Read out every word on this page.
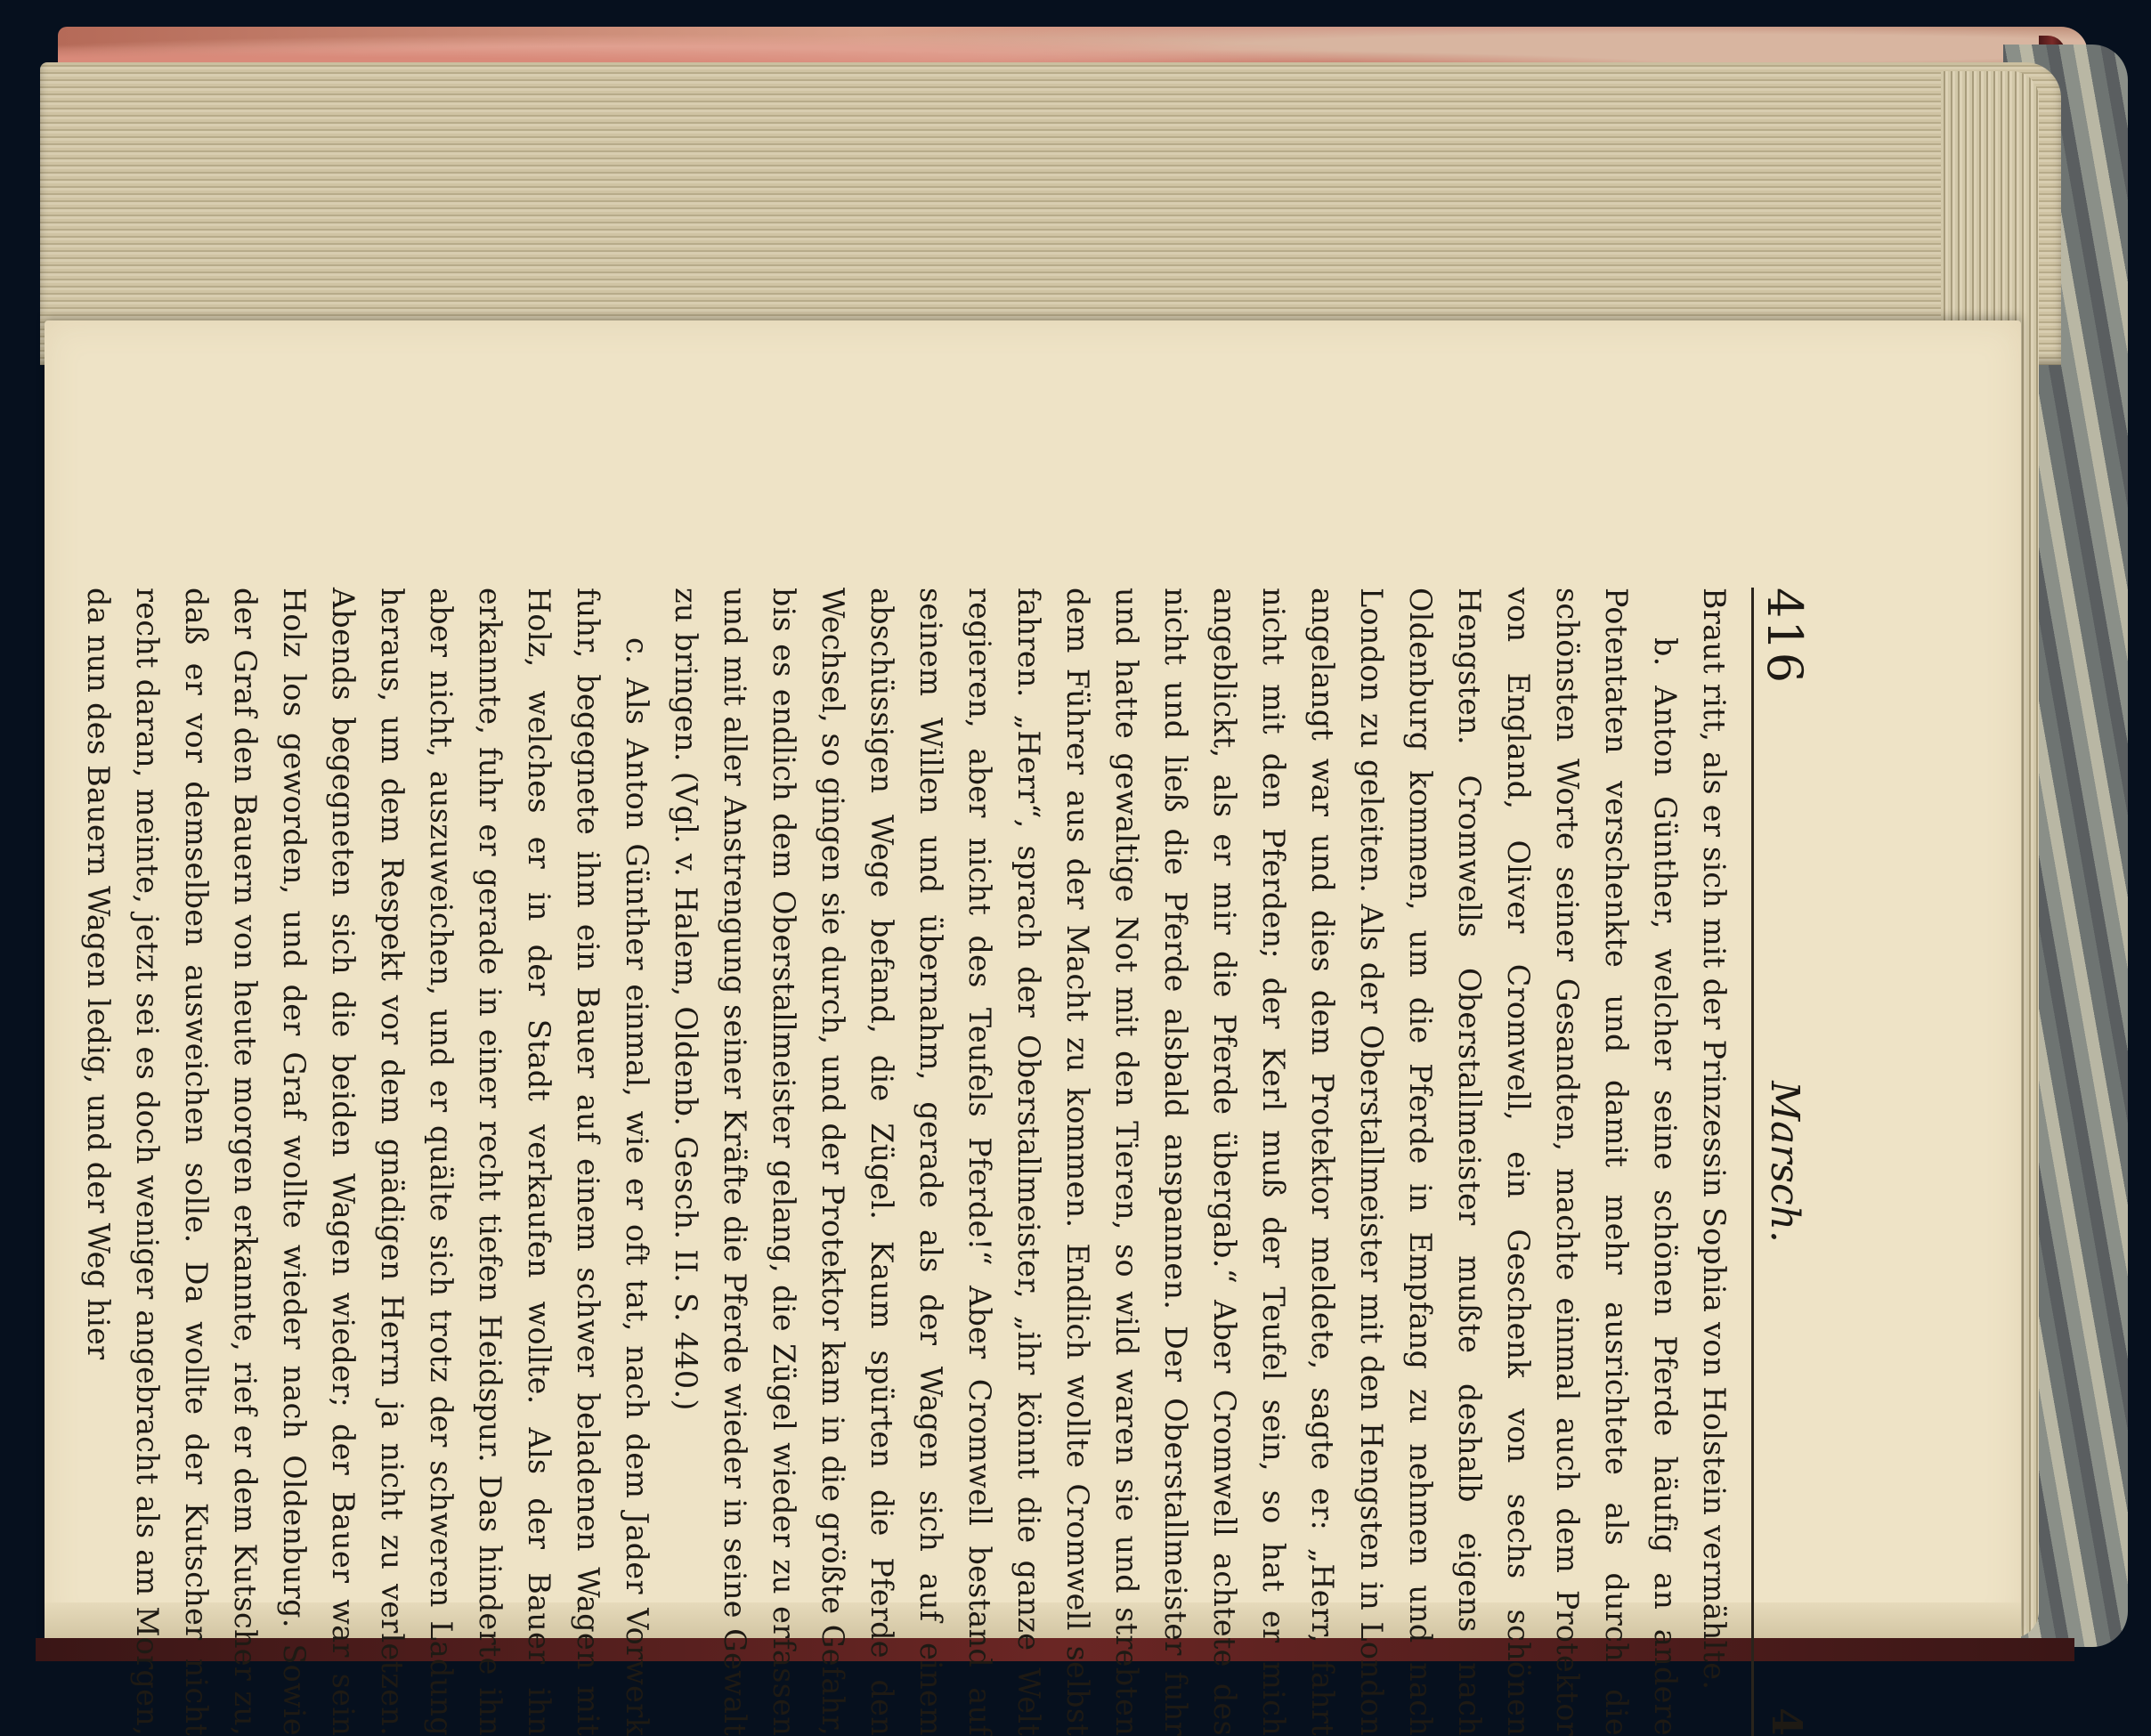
416
Marsch.
4

Braut ritt, als er sich mit der Prinzessin Sophia von Holstein vermählte.

b. Anton Günther, welcher seine schönen Pferde häufig an andere Potentaten verschenkte und damit mehr ausrichtete als durch die schönsten Worte seiner Gesandten, machte einmal auch dem Protektor von England, Oliver Cromwell, ein Geschenk von sechs schönen Hengsten. Cromwells Oberstallmeister mußte deshalb eigens nach Oldenburg kommen, um die Pferde in Empfang zu nehmen und nach London zu geleiten. Als der Oberstallmeister mit den Hengsten in London angelangt war und dies dem Protektor meldete, sagte er: „Herr, fahrt nicht mit den Pferden; der Kerl muß der Teufel sein, so hat er mich angeblickt, als er mir die Pferde übergab.“ Aber Cromwell achtete des nicht und ließ die Pferde alsbald anspannen. Der Oberstallmeister fuhr und hatte gewaltige Not mit den Tieren, so wild waren sie und strebten dem Führer aus der Macht zu kommen. Endlich wollte Cromwell selbst fahren. „Herr“, sprach der Oberstallmeister, „ihr könnt die ganze Welt regieren, aber nicht des Teufels Pferde!“ Aber Cromwell bestand auf seinem Willen und übernahm, gerade als der Wagen sich auf einem abschüssigen Wege befand, die Zügel. Kaum spürten die Pferde den Wechsel, so gingen sie durch, und der Protektor kam in die größte Gefahr, bis es endlich dem Oberstallmeister gelang, die Zügel wieder zu erfassen und mit aller Anstrengung seiner Kräfte die Pferde wieder in seine Gewalt zu bringen. (Vgl. v. Halem, Oldenb. Gesch. II. S. 440.)

c. Als Anton Günther einmal, wie er oft tat, nach dem Jader Vorwerk fuhr, begegnete ihm ein Bauer auf einem schwer beladenen Wagen mit Holz, welches er in der Stadt verkaufen wollte. Als der Bauer ihn erkannte, fuhr er gerade in einer recht tiefen Heidspur. Das hinderte ihn aber nicht, auszuweichen, und er quälte sich trotz der schweren Ladung heraus, um dem Respekt vor dem gnädigen Herrn ja nicht zu verletzen. Abends begegneten sich die beiden Wagen wieder; der Bauer war sein Holz los geworden, und der Graf wollte wieder nach Oldenburg. Sowie der Graf den Bauern von heute morgen erkannte, rief er dem Kutscher zu, daß er vor demselben ausweichen solle. Da wollte der Kutscher nicht recht daran, meinte, jetzt sei es doch weniger angebracht als am Morgen, da nun des Bauern Wagen ledig, und der Weg hier
